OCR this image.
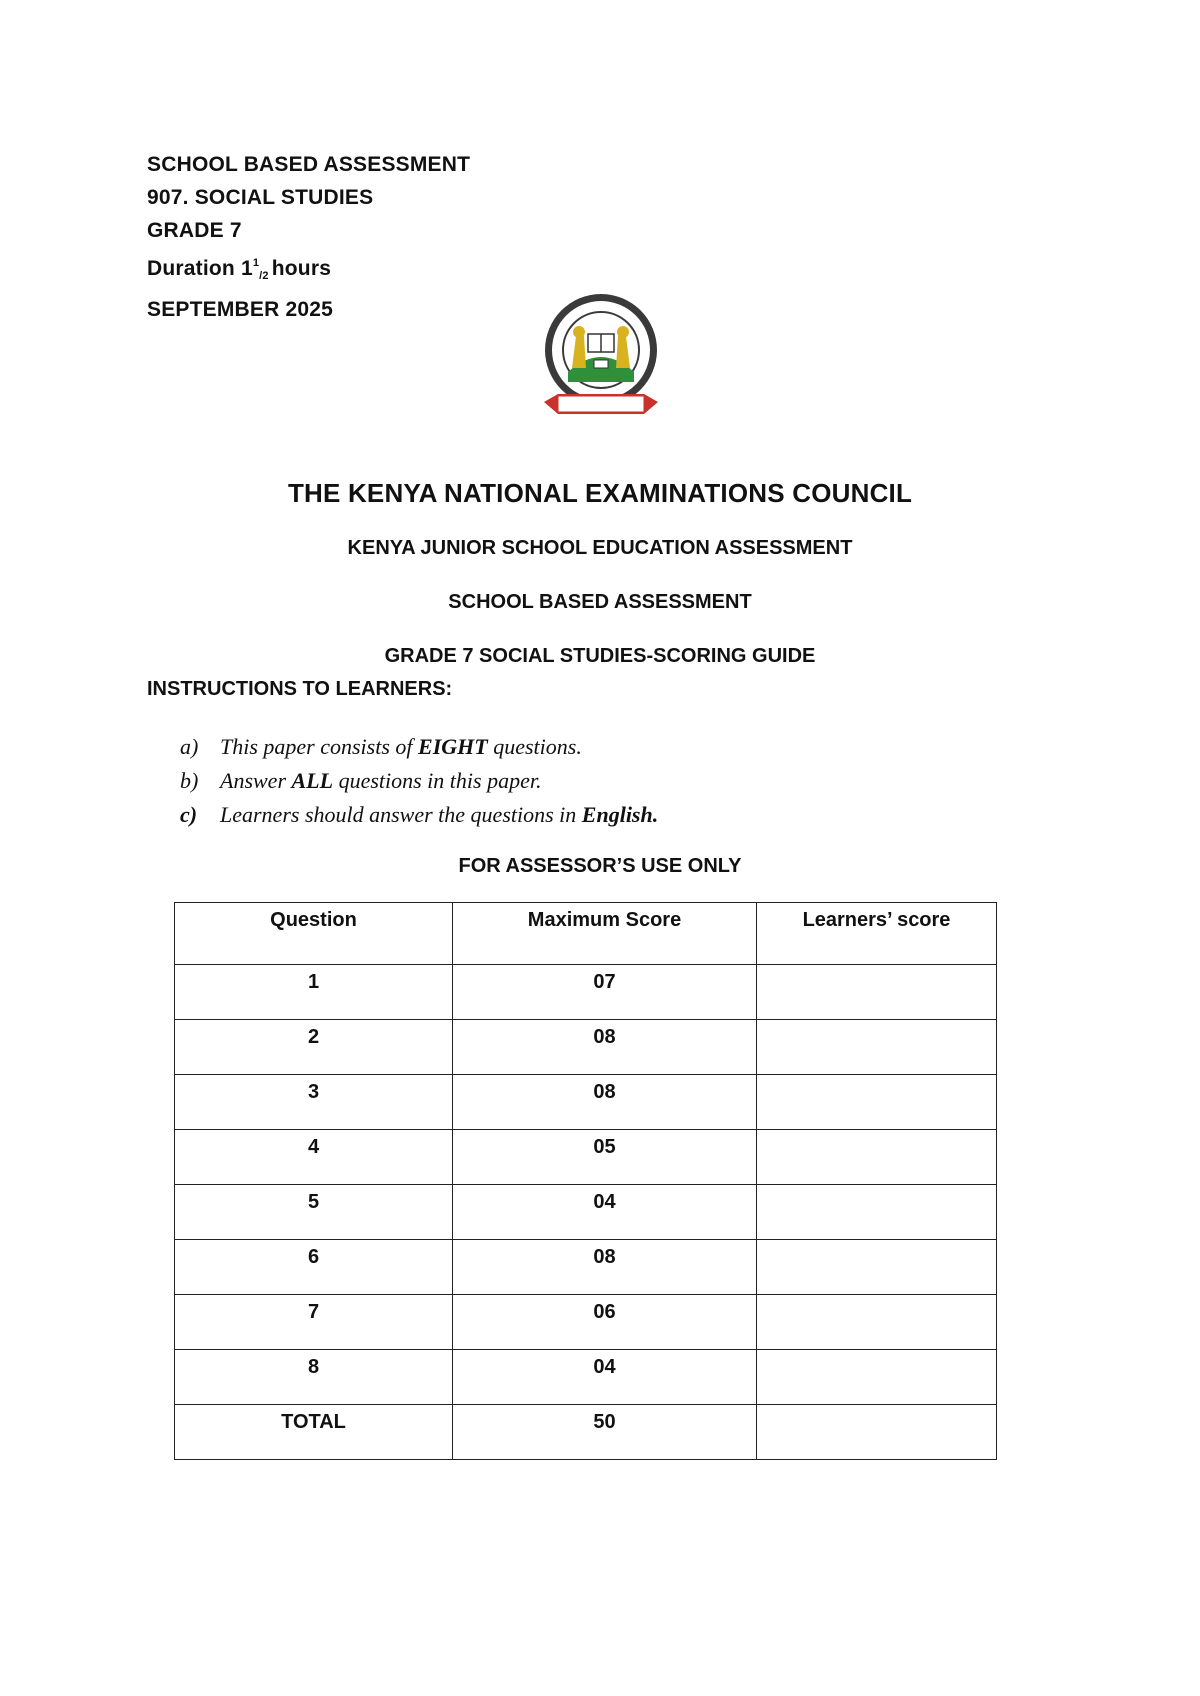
SCHOOL BASED ASSESSMENT
907. SOCIAL STUDIES
GRADE 7
Duration $1^1_{/2}$ hours
SEPTEMBER 2025
THE KENYA NATIONAL EXAMINATIONS COUNCIL
KENYA JUNIOR SCHOOL EDUCATION ASSESSMENT
SCHOOL BASED ASSESSMENT
GRADE 7 SOCIAL STUDIES-SCORING GUIDE
INSTRUCTIONS TO LEARNERS:
a) This paper consists of EIGHT questions.
b) Answer ALL questions in this paper.
c) Learners should answer the questions in English.
FOR ASSESSOR’S USE ONLY
Question	Maximum Score	Learners’ score
1	07	
2	08	
3	08	
4	05	
5	04	
6	08	
7	06	
8	04	
TOTAL	50	
